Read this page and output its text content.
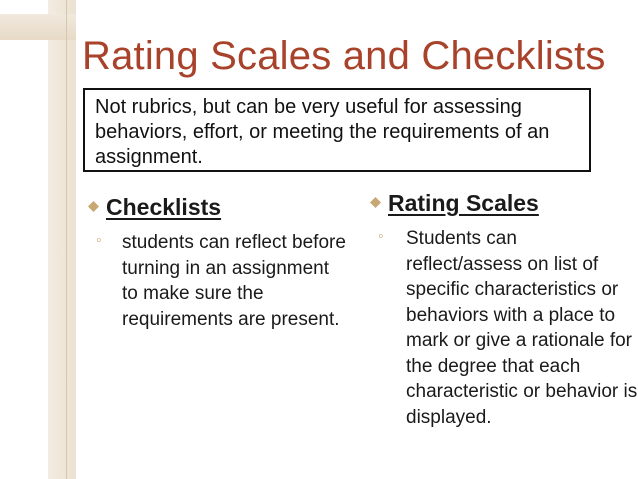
Rating Scales and Checklists
Not rubrics, but can be very useful for assessing behaviors, effort, or meeting the requirements of an assignment.
Checklists
◦ students can reflect before turning in an assignment to make sure the requirements are present.
Rating Scales
◦ Students can reflect/assess on list of specific characteristics or behaviors with a place to mark or give a rationale for the degree that each characteristic or behavior is displayed.
